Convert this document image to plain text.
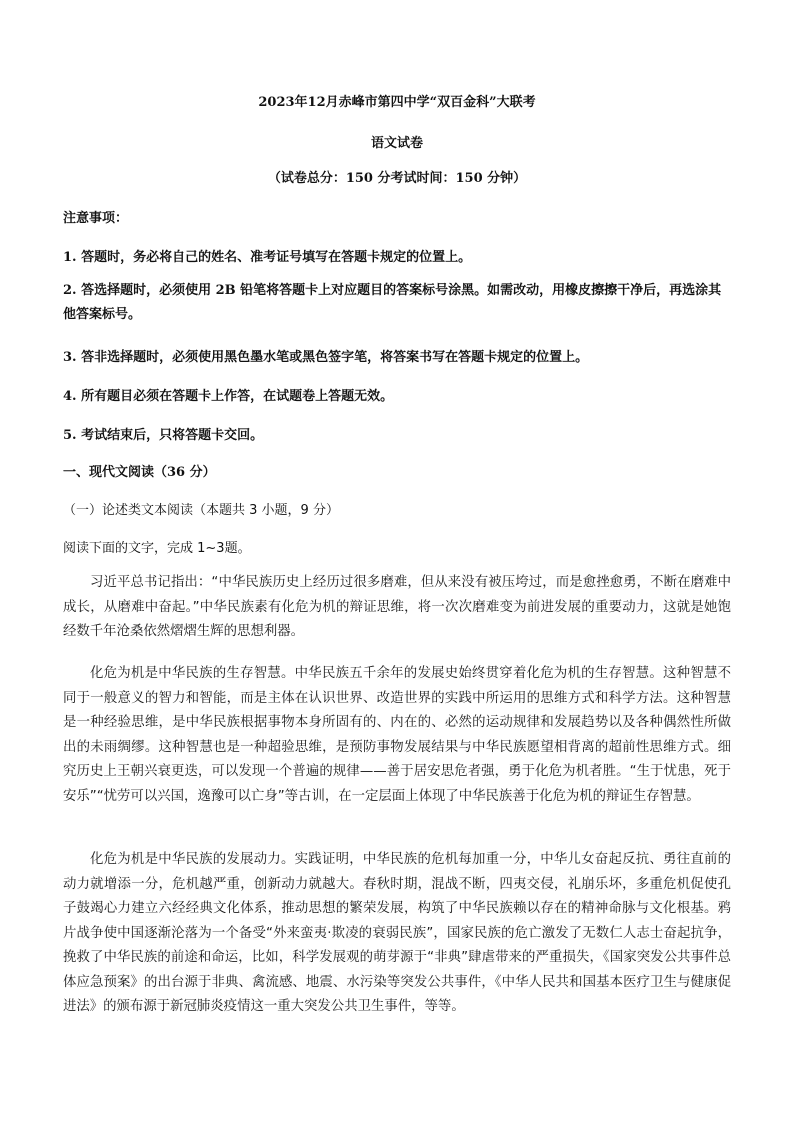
2023年12月赤峰市第四中学“双百金科”大联考
语文试卷
（试卷总分：150 分考试时间：150 分钟）
注意事项：
1. 答题时，务必将自己的姓名、准考证号填写在答题卡规定的位置上。
2. 答选择题时，必须使用 2B 铅笔将答题卡上对应题目的答案标号涂黑。如需改动，用橡皮擦擦干净后，再选涂其他答案标号。
3. 答非选择题时，必须使用黑色墨水笔或黑色签字笔，将答案书写在答题卡规定的位置上。
4. 所有题目必须在答题卡上作答，在试题卷上答题无效。
5. 考试结束后，只将答题卡交回。
一、现代文阅读（36 分）
（一）论述类文本阅读（本题共 3 小题，9 分）
阅读下面的文字，完成 1~3题。
习近平总书记指出：“中华民族历史上经历过很多磨难，但从来没有被压垮过，而是愈挫愈勇，不断在磨难中成长，从磨难中奋起。”中华民族素有化危为机的辩证思维，将一次次磨难变为前进发展的重要动力，这就是她饱经数千年沧桑依然熠熠生辉的思想利器。
化危为机是中华民族的生存智慧。中华民族五千余年的发展史始终贯穿着化危为机的生存智慧。这种智慧不同于一般意义的智力和智能，而是主体在认识世界、改造世界的实践中所运用的思维方式和科学方法。这种智慧是一种经验思维，是中华民族根据事物本身所固有的、内在的、必然的运动规律和发展趋势以及各种偶然性所做出的未雨绸缪。这种智慧也是一种超验思维，是预防事物发展结果与中华民族愿望相背离的超前性思维方式。细究历史上王朝兴衰更迭，可以发现一个普遍的规律——善于居安思危者强，勇于化危为机者胜。“生于忧患，死于安乐”“忧劳可以兴国，逸豫可以亡身”等古训，在一定层面上体现了中华民族善于化危为机的辩证生存智慧。
化危为机是中华民族的发展动力。实践证明，中华民族的危机每加重一分，中华儿女奋起反抗、勇往直前的动力就增添一分，危机越严重，创新动力就越大。春秋时期，混战不断，四夷交侵，礼崩乐坏，多重危机促使孔子鼓竭心力建立六经经典文化体系，推动思想的繁荣发展，构筑了中华民族赖以存在的精神命脉与文化根基。鸦片战争使中国逐渐沦落为一个备受“外来蛮夷·欺凌的衰弱民族”，国家民族的危亡激发了无数仁人志士奋起抗争，挽救了中华民族的前途和命运，比如，科学发展观的萌芽源于“非典”肆虐带来的严重损失，《国家突发公共事件总体应急预案》的出台源于非典、禽流感、地震、水污染等突发公共事件，《中华人民共和国基本医疗卫生与健康促进法》的颁布源于新冠肺炎疫情这一重大突发公共卫生事件，等等。
